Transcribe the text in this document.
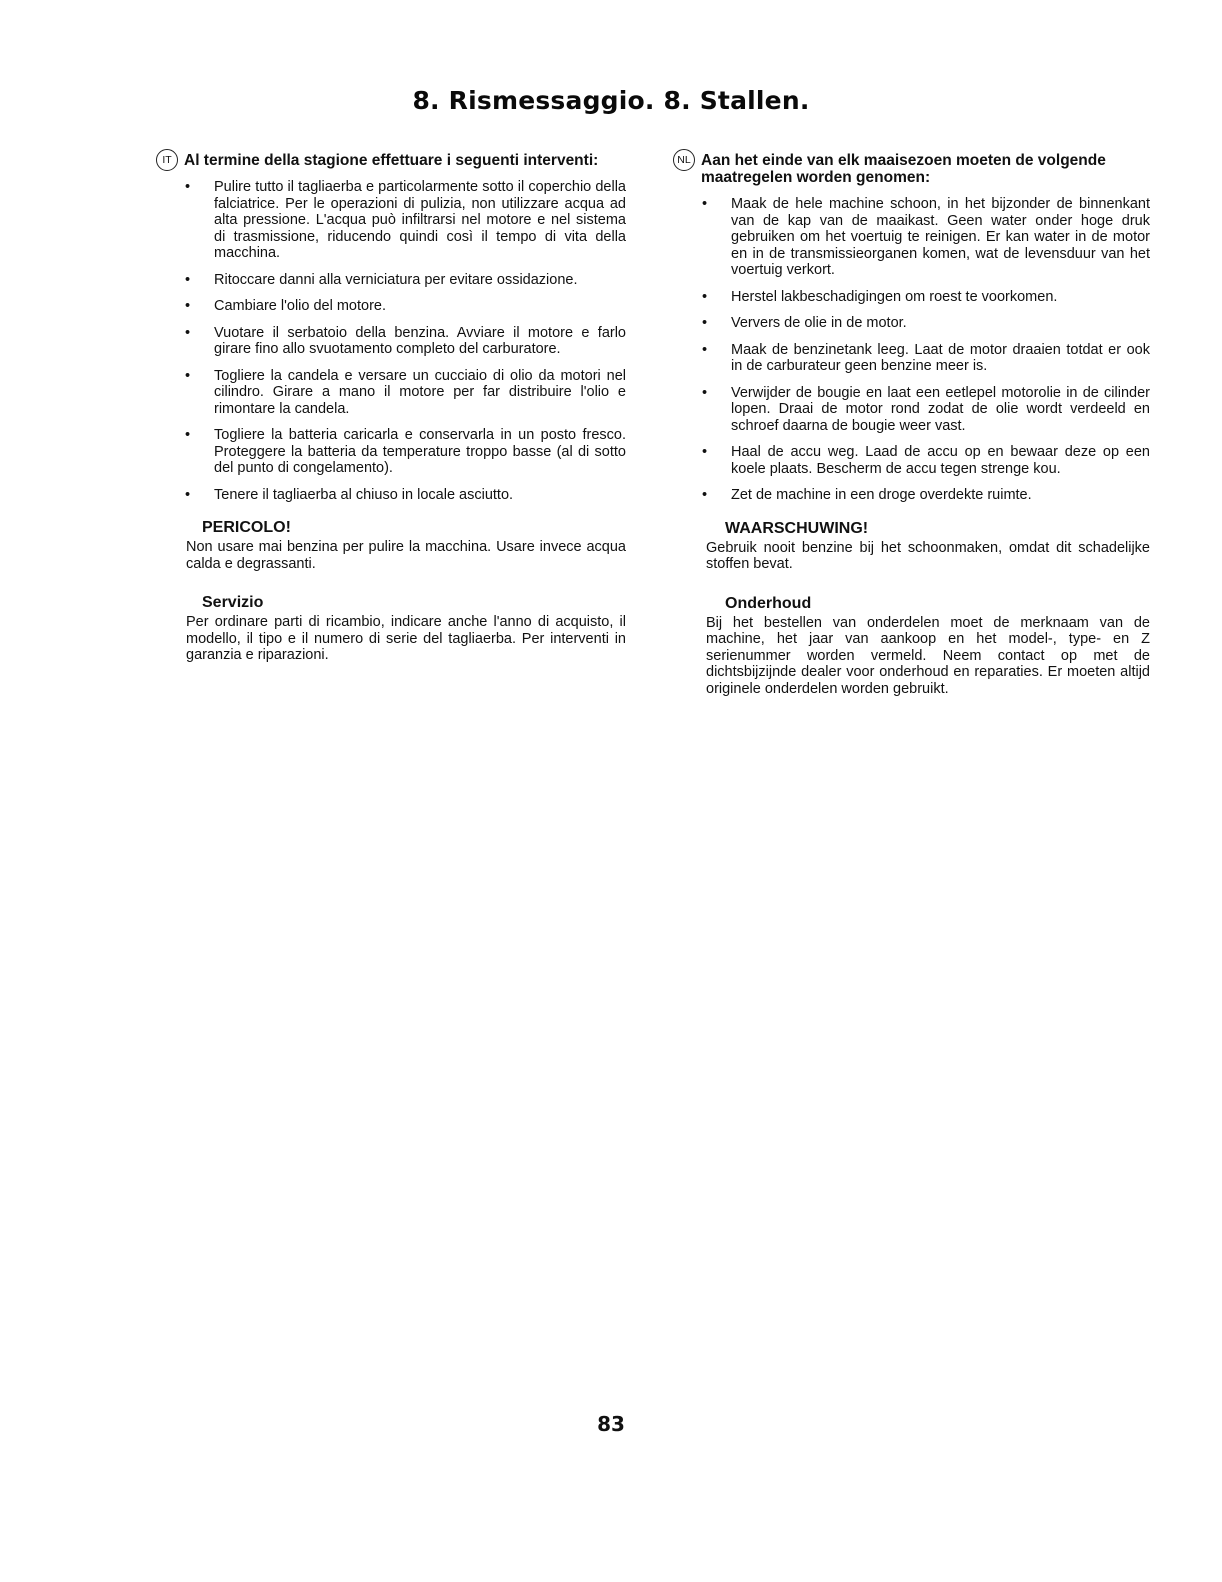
8. Rismessaggio. 8. Stallen.
IT Al termine della stagione effettuare i seguenti interventi:
• Pulire tutto il tagliaerba e particolarmente sotto il coperchio della falciatrice. Per le operazioni di pulizia, non utilizzare acqua ad alta pressione. L'acqua può infiltrarsi nel motore e nel sistema di trasmissione, riducendo quindi così il tempo di vita della macchina.
• Ritoccare danni alla verniciatura per evitare ossidazione.
• Cambiare l'olio del motore.
• Vuotare il serbatoio della benzina. Avviare il motore e farlo girare fino allo svuotamento completo del carburatore.
• Togliere la candela e versare un cucciaio di olio da motori nel cilindro. Girare a mano il motore per far distribuire l'olio e rimontare la candela.
• Togliere la batteria caricarla e conservarla in un posto fresco. Proteggere la batteria da temperature troppo basse (al di sotto del punto di congelamento).
• Tenere il tagliaerba al chiuso in locale asciutto.
PERICOLO!
Non usare mai benzina per pulire la macchina. Usare invece acqua calda e degrassanti.
Servizio
Per ordinare parti di ricambio, indicare anche l'anno di acquisto, il modello, il tipo e il numero di serie del tagliaerba. Per interventi in garanzia e riparazioni.
NL Aan het einde van elk maaisezoen moeten de volgende maatregelen worden genomen:
• Maak de hele machine schoon, in het bijzonder de binnenkant van de kap van de maaikast. Geen water onder hoge druk gebruiken om het voertuig te reinigen. Er kan water in de motor en in de transmissieorganen komen, wat de levensduur van het voertuig verkort.
• Herstel lakbeschadigingen om roest te voorkomen.
• Ververs de olie in de motor.
• Maak de benzinetank leeg. Laat de motor draaien totdat er ook in de carburateur geen benzine meer is.
• Verwijder de bougie en laat een eetlepel motorolie in de cilinder lopen. Draai de motor rond zodat de olie wordt verdeeld en schroef daarna de bougie weer vast.
• Haal de accu weg. Laad de accu op en bewaar deze op een koele plaats. Bescherm de accu tegen strenge kou.
• Zet de machine in een droge overdekte ruimte.
WAARSCHUWING!
Gebruik nooit benzine bij het schoonmaken, omdat dit schadelijke stoffen bevat.
Onderhoud
Bij het bestellen van onderdelen moet de merknaam van de machine, het jaar van aankoop en het model-, type- en Z serienummer worden vermeld. Neem contact op met de dichtsbijzijnde dealer voor onderhoud en reparaties. Er moeten altijd originele onderdelen worden gebruikt.
83
